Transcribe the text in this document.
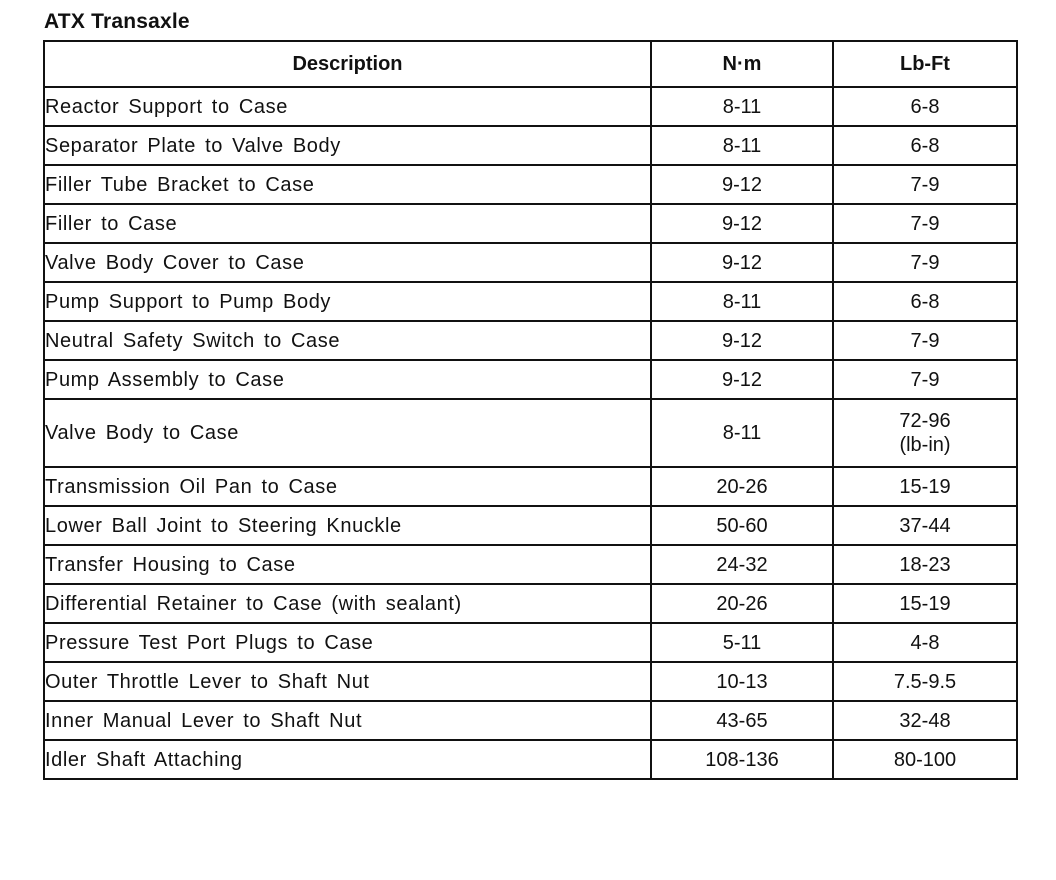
ATX Transaxle
Description	N·m	Lb-Ft
Reactor Support to Case	8-11	6-8
Separator Plate to Valve Body	8-11	6-8
Filler Tube Bracket to Case	9-12	7-9
Filler to Case	9-12	7-9
Valve Body Cover to Case	9-12	7-9
Pump Support to Pump Body	8-11	6-8
Neutral Safety Switch to Case	9-12	7-9
Pump Assembly to Case	9-12	7-9
Valve Body to Case	8-11	72-96
(lb-in)

Transmission Oil Pan to Case	20-26	15-19
Lower Ball Joint to Steering Knuckle	50-60	37-44
Transfer Housing to Case	24-32	18-23
Differential Retainer to Case (with sealant)	20-26	15-19
Pressure Test Port Plugs to Case	5-11	4-8
Outer Throttle Lever to Shaft Nut	10-13	7.5-9.5
Inner Manual Lever to Shaft Nut	43-65	32-48
Idler Shaft Attaching	108-136	80-100
